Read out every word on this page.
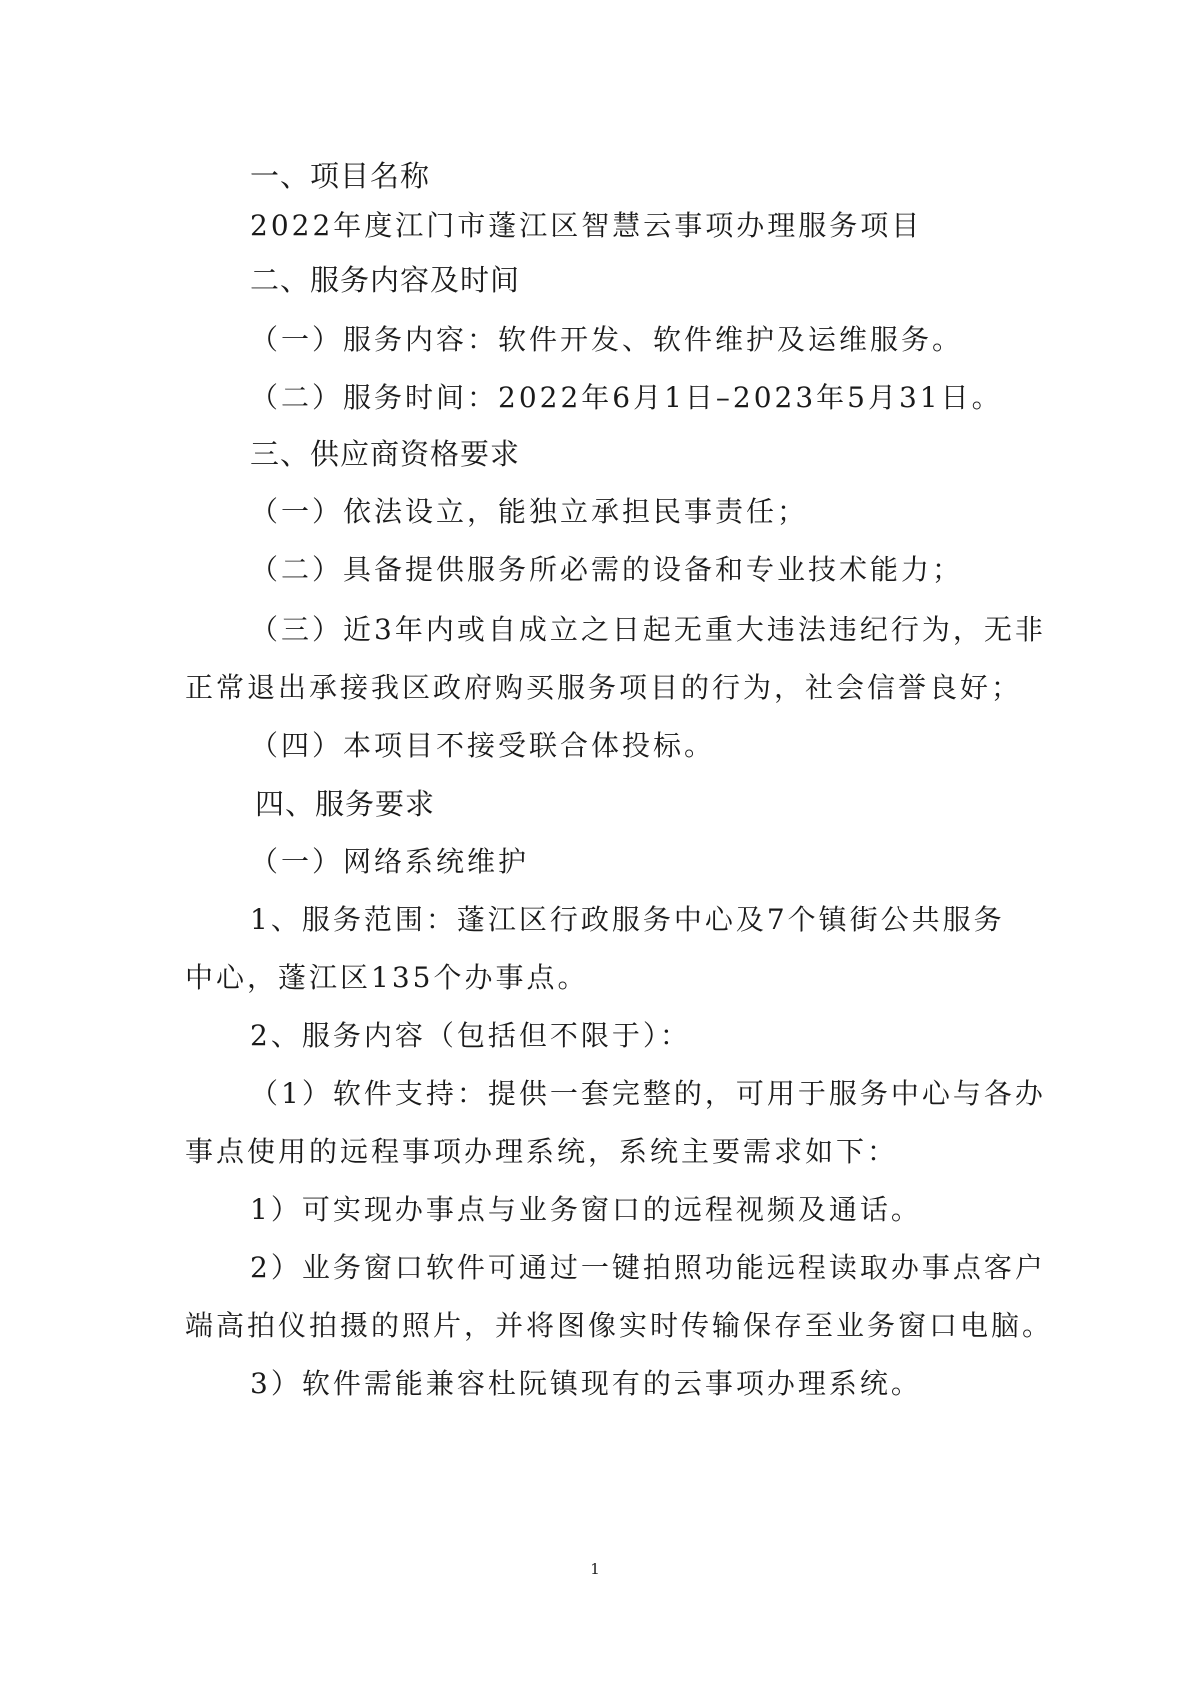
一、项目名称
2022年度江门市蓬江区智慧云事项办理服务项目
二、服务内容及时间
（一）服务内容：软件开发、软件维护及运维服务。
（二）服务时间：2022年6月1日–2023年5月31日。
三、供应商资格要求
（一）依法设立，能独立承担民事责任；
（二）具备提供服务所必需的设备和专业技术能力；
（三）近3年内或自成立之日起无重大违法违纪行为，无非
正常退出承接我区政府购买服务项目的行为，社会信誉良好；
（四）本项目不接受联合体投标。
四、服务要求
（一）网络系统维护
1、服务范围：蓬江区行政服务中心及7个镇街公共服务
中心，蓬江区135个办事点。
2、服务内容（包括但不限于）：
（1）软件支持：提供一套完整的，可用于服务中心与各办
事点使用的远程事项办理系统，系统主要需求如下：
1）可实现办事点与业务窗口的远程视频及通话。
2）业务窗口软件可通过一键拍照功能远程读取办事点客户
端高拍仪拍摄的照片，并将图像实时传输保存至业务窗口电脑。
3）软件需能兼容杜阮镇现有的云事项办理系统。
1
